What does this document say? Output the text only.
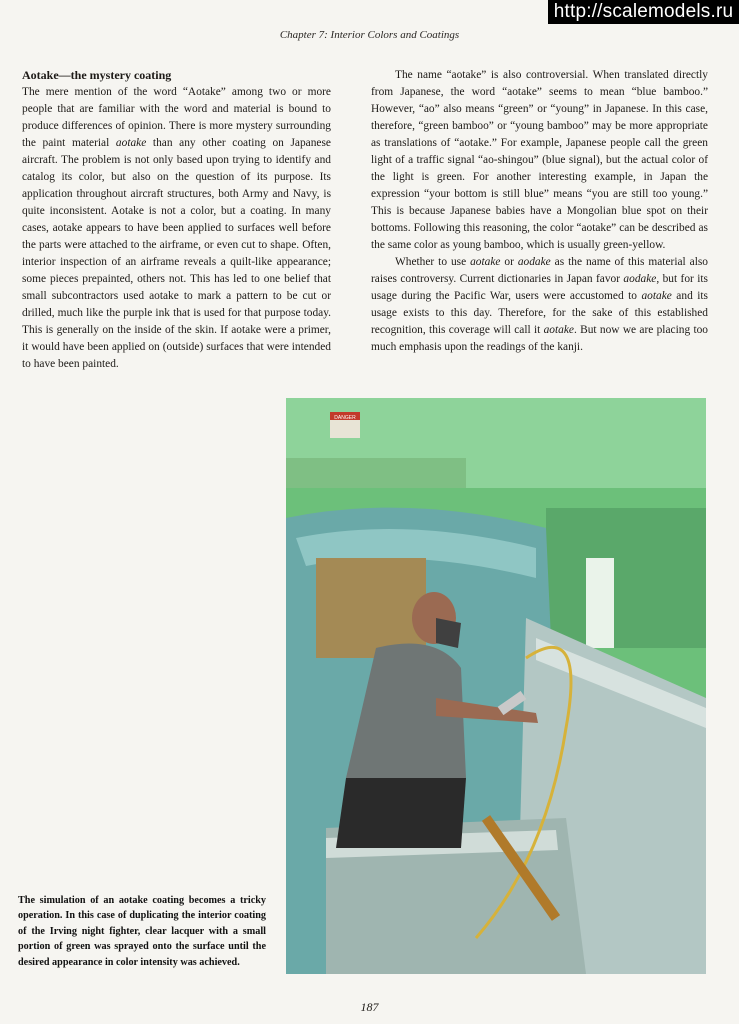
http://scalemodels.ru
Chapter 7: Interior Colors and Coatings
Aotake—the mystery coating

The mere mention of the word “Aotake” among two or more people that are familiar with the word and material is bound to produce differences of opinion. There is more mystery surrounding the paint material aotake than any other coating on Japanese aircraft. The problem is not only based upon trying to identify and catalog its color, but also on the question of its purpose. Its application throughout aircraft structures, both Army and Navy, is quite inconsistent. Aotake is not a color, but a coating. In many cases, aotake appears to have been applied to surfaces well before the parts were attached to the airframe, or even cut to shape. Often, interior inspection of an airframe reveals a quilt-like appearance; some pieces prepainted, others not. This has led to one belief that small subcontractors used aotake to mark a pattern to be cut or drilled, much like the purple ink that is used for that purpose today. This is generally on the inside of the skin. If aotake were a primer, it would have been applied on (outside) surfaces that were intended to have been painted.

The name “aotake” is also controversial. When translated directly from Japanese, the word “aotake” seems to mean “blue bamboo.” However, “ao” also means “green” or “young” in Japanese. In this case, therefore, “green bamboo” or “young bamboo” may be more appropriate as translations of “aotake.” For example, Japanese people call the green light of a traffic signal “ao-shingou” (blue signal), but the actual color of the light is green. For another interesting example, in Japan the expression “your bottom is still blue” means “you are still too young.” This is because Japanese babies have a Mongolian blue spot on their bottoms. Following this reasoning, the color “aotake” can be described as the same color as young bamboo, which is usually green-yellow.

Whether to use aotake or aodake as the name of this material also raises controversy. Current dictionaries in Japan favor aodake, but for its usage during the Pacific War, users were accustomed to aotake and its usage exists to this day. Therefore, for the sake of this established recognition, this coverage will call it aotake. But now we are placing too much emphasis upon the readings of the kanji.

DANGER
The simulation of an aotake coating becomes a tricky operation. In this case of duplicating the interior coating of the Irving night fighter, clear lacquer with a small portion of green was sprayed onto the surface until the desired appearance in color intensity was achieved.
187
